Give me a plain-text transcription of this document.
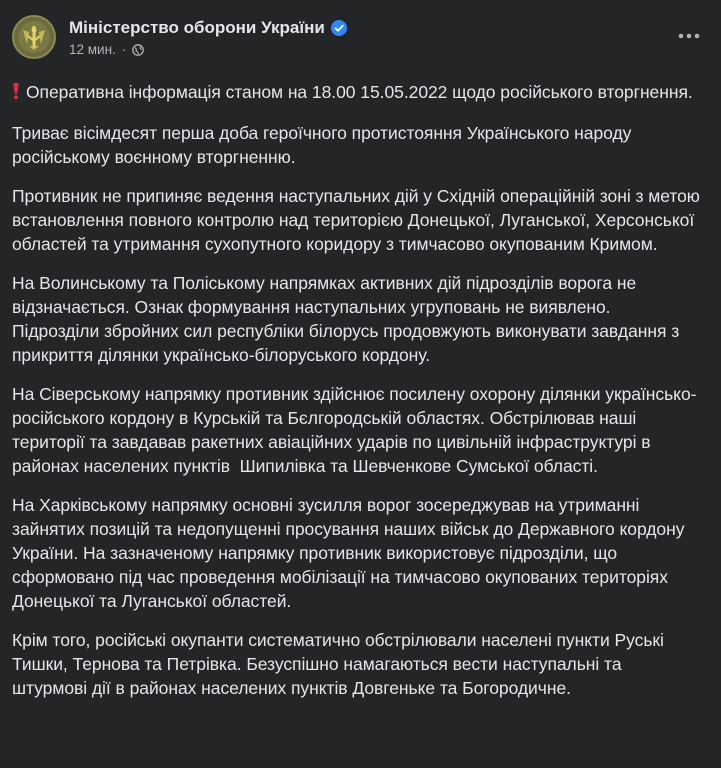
Міністерство оборони України
12 мин. ·

Оперативна інформація станом на 18.00 15.05.2022 щодо російського вторгнення.

Триває вісімдесят перша доба героїчного протистояння Українського народу російському воєнному вторгненню.

Противник не припиняє ведення наступальних дій у Східній операційній зоні з метою встановлення повного контролю над територією Донецької, Луганської, Херсонської областей та утримання сухопутного коридору з тимчасово окупованим Кримом.

На Волинському та Поліському напрямках активних дій підрозділів ворога не відзначається. Ознак формування наступальних угруповань не виявлено. Підрозділи збройних сил республіки білорусь продовжують виконувати завдання з прикриття ділянки українсько-білоруського кордону.

На Сіверському напрямку противник здійснює посилену охорону ділянки українсько-російського кордону в Курській та Бєлгородській областях. Обстрілював наші території та завдавав ракетних авіаційних ударів по цивільній інфраструктурі в районах населених пунктів  Шипилівка та Шевченкове Сумської області.

На Харківському напрямку основні зусилля ворог зосереджував на утриманні зайнятих позицій та недопущенні просування наших військ до Державного кордону України. На зазначеному напрямку противник використовує підрозділи, що сформовано під час проведення мобілізації на тимчасово окупованих територіях Донецької та Луганської областей.

Крім того, російські окупанти систематично обстрілювали населені пункти Руські Тишки, Тернова та Петрівка. Безуспішно намагаються вести наступальні та штурмові дії в районах населених пунктів Довгеньке та Богородичне.
